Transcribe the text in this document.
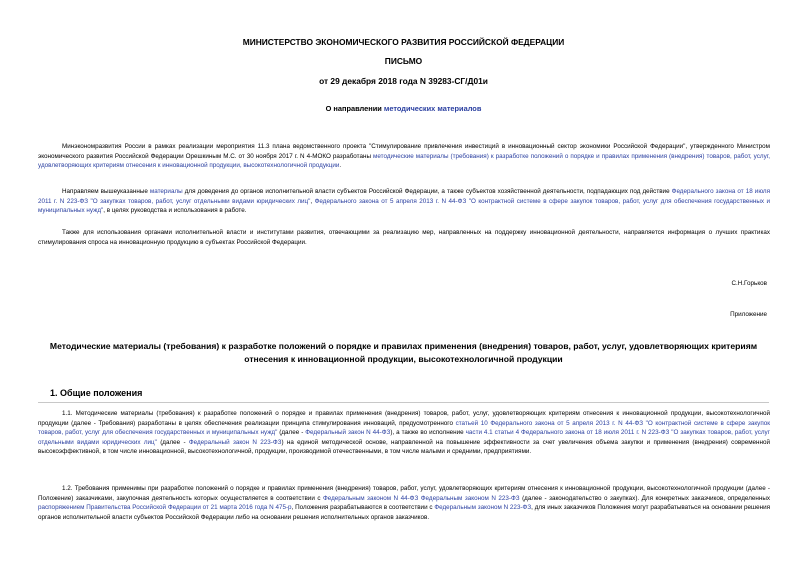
МИНИСТЕРСТВО ЭКОНОМИЧЕСКОГО РАЗВИТИЯ РОССИЙСКОЙ ФЕДЕРАЦИИ
ПИСЬМО
от 29 декабря 2018 года N 39283-СГ/Д01и
О направлении методических материалов
Минэкономразвития России в рамках реализации мероприятия 11.3 плана ведомственного проекта "Стимулирование привлечения инвестиций в инновационный сектор экономики Российской Федерации", утвержденного Министром экономического развития Российской Федерации Орешкиным М.С. от 30 ноября 2017 г. N 4-МОКО разработаны методические материалы (требования) к разработке положений о порядке и правилах применения (внедрения) товаров, работ, услуг, удовлетворяющих критериям отнесения к инновационной продукции, высокотехнологичной продукции.
Направляем вышеуказанные материалы для доведения до органов исполнительной власти субъектов Российской Федерации, а также субъектов хозяйственной деятельности, подпадающих под действие Федерального закона от 18 июля 2011 г. N 223-ФЗ "О закупках товаров, работ, услуг отдельными видами юридических лиц", Федерального закона от 5 апреля 2013 г. N 44-ФЗ "О контрактной системе в сфере закупок товаров, работ, услуг для обеспечения государственных и муниципальных нужд", в целях руководства и использования в работе.
Также для использования органами исполнительной власти и институтами развития, отвечающими за реализацию мер, направленных на поддержку инновационной деятельности, направляется информация о лучших практиках стимулирования спроса на инновационную продукцию в субъектах Российской Федерации.
С.Н.Горьков
Приложение
Методические материалы (требования) к разработке положений о порядке и правилах применения (внедрения) товаров, работ, услуг, удовлетворяющих критериям отнесения к инновационной продукции, высокотехнологичной продукции
1. Общие положения
1.1. Методические материалы (требования) к разработке положений о порядке и правилах применения (внедрения) товаров, работ, услуг, удовлетворяющих критериям отнесения к инновационной продукции, высокотехнологичной продукции (далее - Требования) разработаны в целях обеспечения реализации принципа стимулирования инноваций, предусмотренного статьей 10 Федерального закона от 5 апреля 2013 г. N 44-ФЗ "О контрактной системе в сфере закупок товаров, работ, услуг для обеспечения государственных и муниципальных нужд" (далее - Федеральный закон N 44-ФЗ), а также во исполнение части 4.1 статьи 4 Федерального закона от 18 июля 2011 г. N 223-ФЗ "О закупках товаров, работ, услуг отдельными видами юридических лиц" (далее - Федеральный закон N 223-ФЗ) на единой методической основе, направленной на повышение эффективности за счет увеличения объема закупки и применения (внедрения) современной высокоэффективной, в том числе инновационной, высокотехнологичной, продукции, производимой отечественными, в том числе малыми и средними, предприятиями.
1.2. Требования применимы при разработке положений о порядке и правилах применения (внедрения) товаров, работ, услуг, удовлетворяющих критериям отнесения к инновационной продукции, высокотехнологичной продукции (далее - Положение) заказчиками, закупочная деятельность которых осуществляется в соответствии с Федеральным законом N 44-ФЗ Федеральным законом N 223-ФЗ (далее - законодательство о закупках). Для конкретных заказчиков, определенных распоряжением Правительства Российской Федерации от 21 марта 2016 года N 475-р, Положения разрабатываются в соответствии с Федеральным законом N 223-ФЗ, для иных заказчиков Положения могут разрабатываться на основании решения органов исполнительной власти субъектов Российской Федерации либо на основании решения исполнительных органов заказчиков.
